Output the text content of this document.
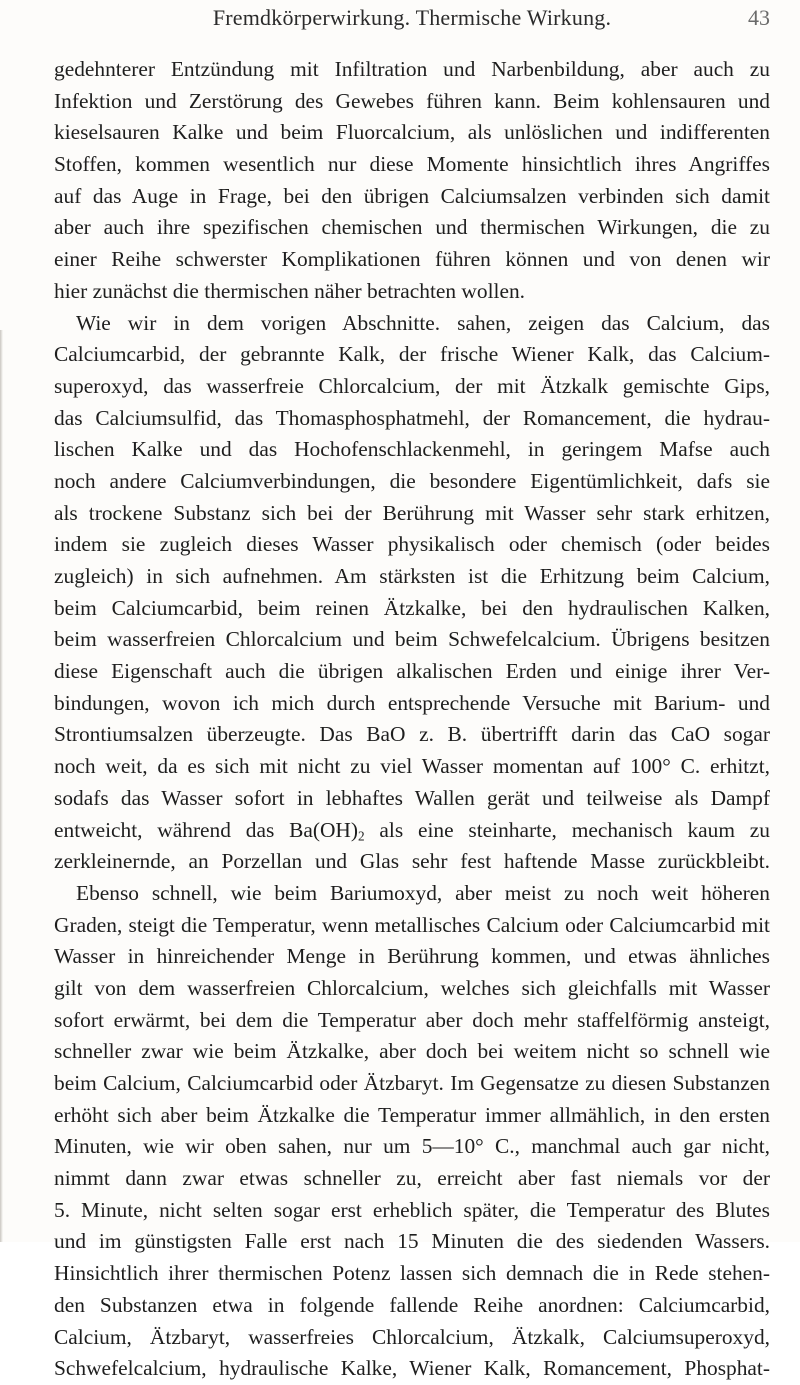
Fremdkörperwirkung. Thermische Wirkung.	43
gedehnterer Entzündung mit Infiltration und Narbenbildung, aber auch zu
Infektion und Zerstörung des Gewebes führen kann. Beim kohlensauren und
kieselsauren Kalke und beim Fluorcalcium, als unlöslichen und indifferenten
Stoffen, kommen wesentlich nur diese Momente hinsichtlich ihres Angriffes
auf das Auge in Frage, bei den übrigen Calciumsalzen verbinden sich damit
aber auch ihre spezifischen chemischen und thermischen Wirkungen, die zu
einer Reihe schwerster Komplikationen führen können und von denen wir
hier zunächst die thermischen näher betrachten wollen.
Wie wir in dem vorigen Abschnitte. sahen, zeigen das Calcium, das
Calciumcarbid, der gebrannte Kalk, der frische Wiener Kalk, das Calcium-
superoxyd, das wasserfreie Chlorcalcium, der mit Ätzkalk gemischte Gips,
das Calciumsulfid, das Thomasphosphatmehl, der Romancement, die hydrau-
lischen Kalke und das Hochofenschlackenmehl, in geringem Mafse auch
noch andere Calciumverbindungen, die besondere Eigentümlichkeit, dafs sie
als trockene Substanz sich bei der Berührung mit Wasser sehr stark erhitzen,
indem sie zugleich dieses Wasser physikalisch oder chemisch (oder beides
zugleich) in sich aufnehmen. Am stärksten ist die Erhitzung beim Calcium,
beim Calciumcarbid, beim reinen Ätzkalke, bei den hydraulischen Kalken,
beim wasserfreien Chlorcalcium und beim Schwefelcalcium. Übrigens besitzen
diese Eigenschaft auch die übrigen alkalischen Erden und einige ihrer Ver-
bindungen, wovon ich mich durch entsprechende Versuche mit Barium- und
Strontiumsalzen überzeugte. Das BaO z. B. übertrifft darin das CaO sogar
noch weit, da es sich mit nicht zu viel Wasser momentan auf 100° C. erhitzt,
sodafs das Wasser sofort in lebhaftes Wallen gerät und teilweise als Dampf
entweicht, während das $Ba(OH)_2$ als eine steinharte, mechanisch kaum zu
zerkleinernde, an Porzellan und Glas sehr fest haftende Masse zurückbleibt.
Ebenso schnell, wie beim Bariumoxyd, aber meist zu noch weit höheren
Graden, steigt die Temperatur, wenn metallisches Calcium oder Calciumcarbid mit
Wasser in hinreichender Menge in Berührung kommen, und etwas ähnliches
gilt von dem wasserfreien Chlorcalcium, welches sich gleichfalls mit Wasser
sofort erwärmt, bei dem die Temperatur aber doch mehr staffelförmig ansteigt,
schneller zwar wie beim Ätzkalke, aber doch bei weitem nicht so schnell wie
beim Calcium, Calciumcarbid oder Ätzbaryt. Im Gegensatze zu diesen Substanzen
erhöht sich aber beim Ätzkalke die Temperatur immer allmählich, in den ersten
Minuten, wie wir oben sahen, nur um 5—10° C., manchmal auch gar nicht,
nimmt dann zwar etwas schneller zu, erreicht aber fast niemals vor der
5. Minute, nicht selten sogar erst erheblich später, die Temperatur des Blutes
und im günstigsten Falle erst nach 15 Minuten die des siedenden Wassers.
Hinsichtlich ihrer thermischen Potenz lassen sich demnach die in Rede stehen-
den Substanzen etwa in folgende fallende Reihe anordnen: Calciumcarbid,
Calcium, Ätzbaryt, wasserfreies Chlorcalcium, Ätzkalk, Calciumsuperoxyd,
Schwefelcalcium, hydraulische Kalke, Wiener Kalk, Romancement, Phosphat-
